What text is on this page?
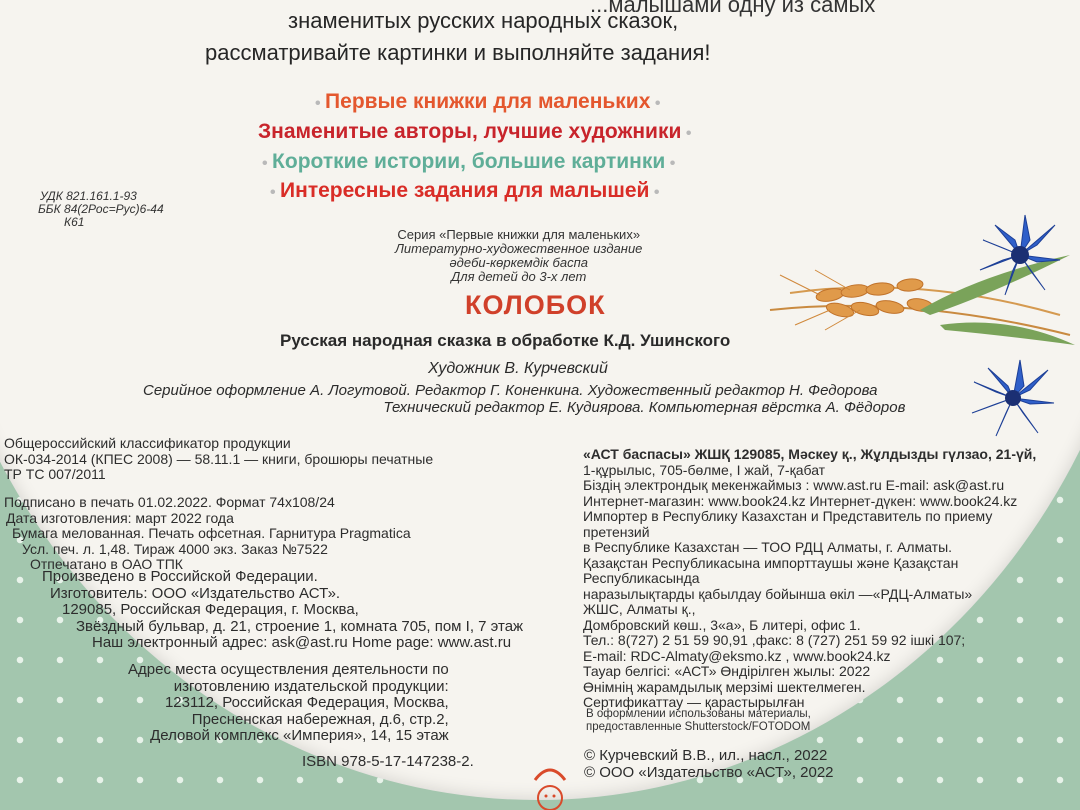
...малышами одну из самых
знаменитых русских народных сказок,
рассматривайте картинки и выполняйте задания!
• Первые книжки для маленьких •
Знаменитые авторы, лучшие художники •
• Короткие истории, большие картинки •
• Интересные задания для малышей •
УДК 821.161.1-93
ББК 84(2Рос=Рус)6-44
К61
Серия «Первые книжки для маленьких»
Литературно-художественное издание
әдеби-көркемдік баспа
Для детей до 3-х лет
КОЛОБОК
Русская народная сказка в обработке К.Д. Ушинского
Художник В. Курчевский
Серийное оформление А. Логутовой. Редактор Г. Коненкина. Художественный редактор Н. Федорова
Технический редактор Е. Кудиярова. Компьютерная вёрстка А. Фёдоров
Общероссийский классификатор продукции
ОК-034-2014 (КПЕС 2008) — 58.11.1 — книги, брошюры печатные
ТР ТС 007/2011
Подписано в печать 01.02.2022. Формат 74x108/24
Дата изготовления: март 2022 года
Бумага мелованная. Печать офсетная. Гарнитура Pragmatica
Усл. печ. л. 1,48. Тираж 4000 экз. Заказ №7522
Отпечатано в ОАО ТПК
Произведено в Российской Федерации.
Изготовитель: ООО «Издательство АСТ».
129085, Российская Федерация, г. Москва,
Звёздный бульвар, д. 21, строение 1, комната 705, пом I, 7 этаж
Наш электронный адрес: ask@ast.ru Home page: www.ast.ru
Адрес места осуществления деятельности по
изготовлению издательской продукции:
123112, Российская Федерация, Москва,
Пресненская набережная, д.6, стр.2,
Деловой комплекс «Империя», 14, 15 этаж
ISBN 978-5-17-147238-2.
«АСТ баспасы» ЖШҚ 129085, Мәскеу қ., Жұлдызды гүлзао, 21-үй,
1-құрылыс, 705-бөлме, I жай, 7-қабат
Біздің электрондық мекенжаймыз : www.ast.ru E-mail: ask@ast.ru
Интернет-магазин: www.book24.kz Интернет-дүкен: www.book24.kz
Импортер в Республику Казахстан и Представитель по приему
претензий
в Республике Казахстан — ТОО РДЦ Алматы, г. Алматы.
Қазақстан Республикасына импорттаушы және Қазақстан
Республикасында
наразылықтарды қабылдау бойынша өкіл —«РДЦ-Алматы»
ЖШС, Алматы қ.,
Домбровский көш., 3«а», Б литері, офис 1.
Тел.: 8(727) 2 51 59 90,91 ,факс: 8 (727) 251 59 92 ішкі 107;
E-mail: RDC-Almaty@eksmo.kz , www.book24.kz
Тауар белгісі: «АСТ» Өндірілген жылы: 2022
Өнімнің жарамдылық мерзімі шектелмеген.
Сертификаттау — қарастырылған
В оформлении использованы материалы,
предоставленные Shutterstock/FOTODOM
© Курчевский В.В., ил., насл., 2022
© ООО «Издательство «АСТ», 2022
